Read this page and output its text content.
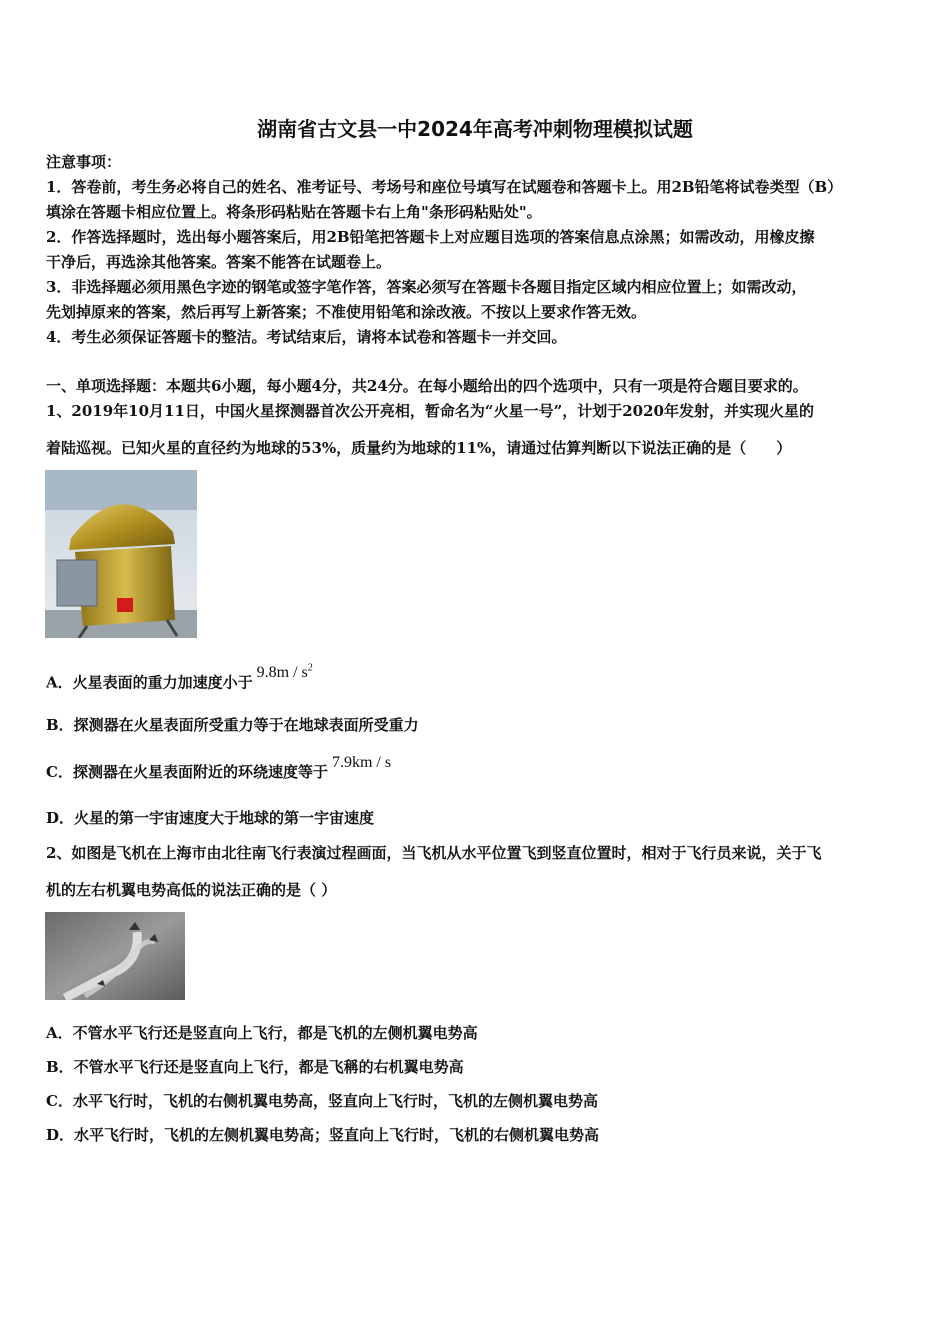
湖南省古文县一中2024年高考冲刺物理模拟试题
注意事项：
1．答卷前，考生务必将自己的姓名、准考证号、考场号和座位号填写在试题卷和答题卡上。用2B铅笔将试卷类型（B）
填涂在答题卡相应位置上。将条形码粘贴在答题卡右上角"条形码粘贴处"。
2．作答选择题时，选出每小题答案后，用2B铅笔把答题卡上对应题目选项的答案信息点涂黑；如需改动，用橡皮擦
干净后，再选涂其他答案。答案不能答在试题卷上。
3．非选择题必须用黑色字迹的钢笔或签字笔作答，答案必须写在答题卡各题目指定区域内相应位置上；如需改动，
先划掉原来的答案，然后再写上新答案；不准使用铅笔和涂改液。不按以上要求作答无效。
4．考生必须保证答题卡的整洁。考试结束后，请将本试卷和答题卡一并交回。
一、单项选择题：本题共6小题，每小题4分，共24分。在每小题给出的四个选项中，只有一项是符合题目要求的。
1、2019年10月11日，中国火星探测器首次公开亮相，暂命名为“火星一号”，计划于2020年发射，并实现火星的
着陆巡视。已知火星的直径约为地球的53%，质量约为地球的11%，请通过估算判断以下说法正确的是（　　）
A．火星表面的重力加速度小于$9.8m / s^2$
B．探测器在火星表面所受重力等于在地球表面所受重力
C．探测器在火星表面附近的环绕速度等于7.9km / s
D．火星的第一宇宙速度大于地球的第一宇宙速度
2、如图是飞机在上海市由北往南飞行表演过程画面，当飞机从水平位置飞到竖直位置时，相对于飞行员来说，关于飞
机的左右机翼电势高低的说法正确的是（ ）
A．不管水平飞行还是竖直向上飞行，都是飞机的左侧机翼电势高
B．不管水平飞行还是竖直向上飞行，都是飞稱的右机翼电势高
C．水平飞行时，飞机的右侧机翼电势高，竖直向上飞行时，飞机的左侧机翼电势高
D．水平飞行时，飞机的左侧机翼电势高；竖直向上飞行时，飞机的右侧机翼电势高
